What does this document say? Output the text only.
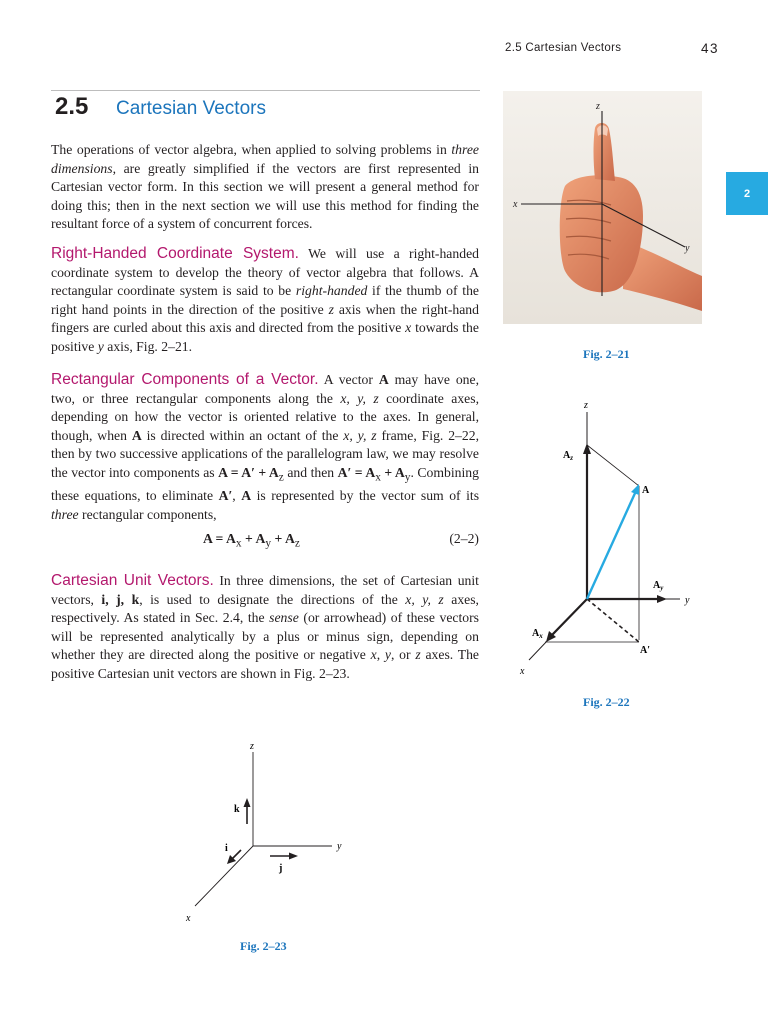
2.5 Cartesian Vectors	43
2.5 Cartesian Vectors
2
The operations of vector algebra, when applied to solving problems in three dimensions, are greatly simplified if the vectors are first represented in Cartesian vector form. In this section we will present a general method for doing this; then in the next section we will use this method for finding the resultant force of a system of concurrent forces.
Right-Handed Coordinate System. We will use a right-handed coordinate system to develop the theory of vector algebra that follows. A rectangular coordinate system is said to be right-handed if the thumb of the right hand points in the direction of the positive z axis when the right-hand fingers are curled about this axis and directed from the positive x towards the positive y axis, Fig. 2–21.
Rectangular Components of a Vector. A vector A may have one, two, or three rectangular components along the x, y, z coordinate axes, depending on how the vector is oriented relative to the axes. In general, though, when A is directed within an octant of the x, y, z frame, Fig. 2–22, then by two successive applications of the parallelogram law, we may resolve the vector into components as $A = A' + A_z$ and then $A' = A_x + A_y$. Combining these equations, to eliminate A′, A is represented by the vector sum of its three rectangular components,
$A = A_x + A_y + A_z$	(2–2)
Cartesian Unit Vectors. In three dimensions, the set of Cartesian unit vectors, i, j, k, is used to designate the directions of the x, y, z axes, respectively. As stated in Sec. 2.4, the sense (or arrowhead) of these vectors will be represented analytically by a plus or minus sign, depending on whether they are directed along the positive or negative x, y, or z axes. The positive Cartesian unit vectors are shown in Fig. 2–23.
z
x
y
Fig. 2–21
z
y
x
$A_z$
A
$A_y$
$A_x$
A′
Fig. 2–22
z
y
x
k
j
i
Fig. 2–23
